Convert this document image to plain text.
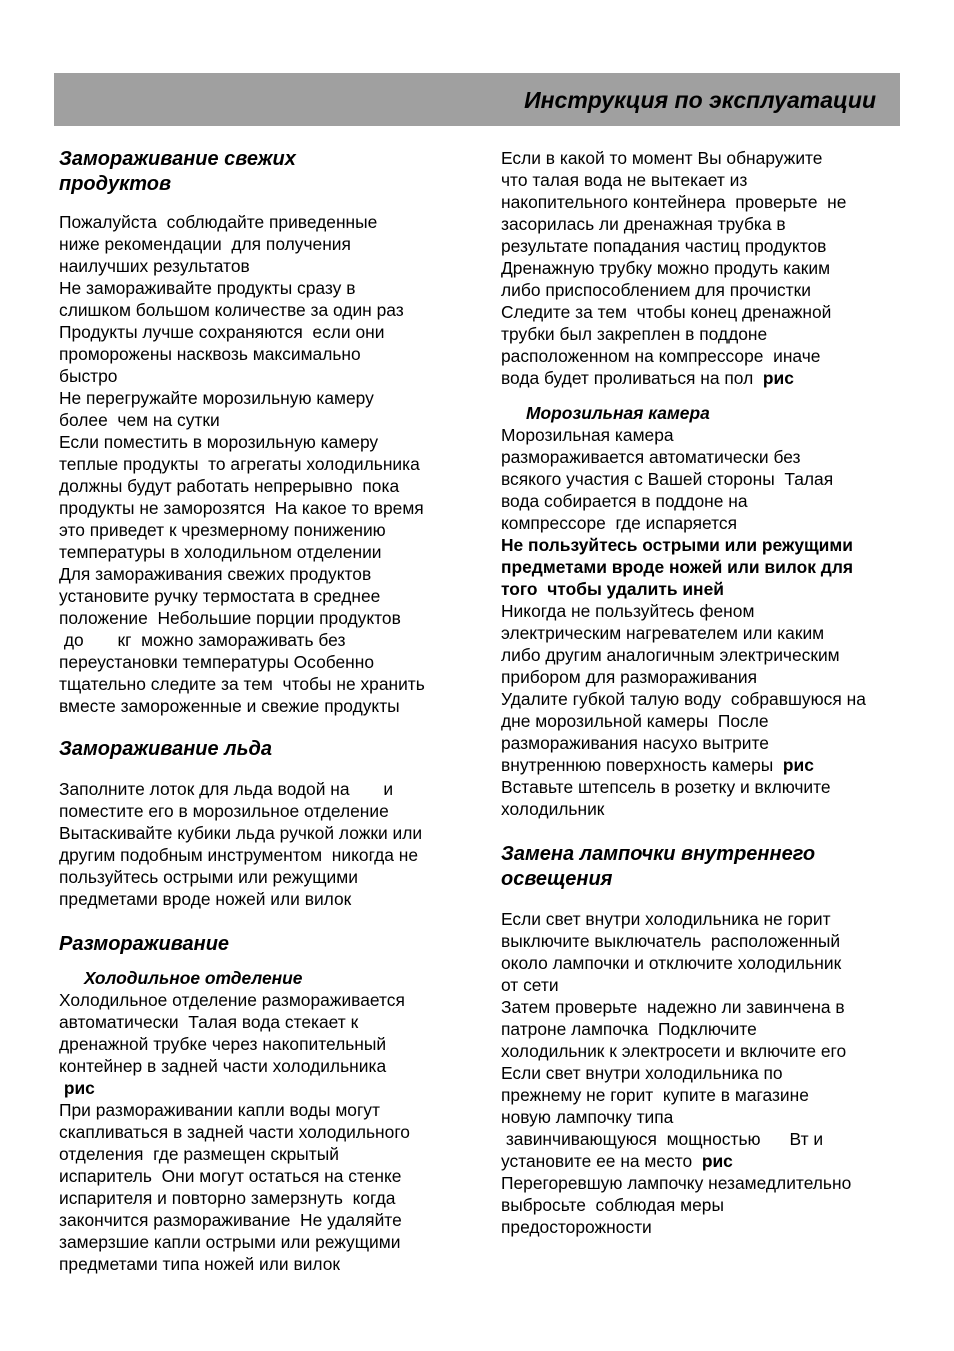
Инструкция по эксплуатации
Замораживание свежих
продуктов
Пожалуйста  соблюдайте приведенные
ниже рекомендации  для получения
наилучших результатов
Не замораживайте продукты сразу в
слишком большом количестве за один раз
Продукты лучше сохраняются  если они
проморожены насквозь максимально
быстро
Не перегружайте морозильную камеру
более  чем на сутки
Если поместить в морозильную камеру
теплые продукты  то агрегаты холодильника
должны будут работать непрерывно  пока
продукты не заморозятся  На какое то время
это приведет к чрезмерному понижению
температуры в холодильном отделении
Для замораживания свежих продуктов
установите ручку термостата в среднее
положение  Небольшие порции продуктов
до       кг  можно замораживать без
переустановки температуры Особенно
тщательно следите за тем  чтобы не хранить
вместе замороженные и свежие продукты
Замораживание льда
Заполните лоток для льда водой на       и
поместите его в морозильное отделение
Вытаскивайте кубики льда ручкой ложки или
другим подобным инструментом  никогда не
пользуйтесь острыми или режущими
предметами вроде ножей или вилок
Размораживание
Холодильное отделение
Холодильное отделение размораживается
автоматически  Талая вода стекает к
дренажной трубке через накопительный
контейнер в задней части холодильника
рис
При размораживании капли воды могут
скапливаться в задней части холодильного
отделения  где размещен скрытый
испаритель  Они могут остаться на стенке
испарителя и повторно замерзнуть  когда
закончится размораживание  Не удаляйте
замерзшие капли острыми или режущими
предметами типа ножей или вилок
Если в какой то момент Вы обнаружите
что талая вода не вытекает из
накопительного контейнера  проверьте  не
засорилась ли дренажная трубка в
результате попадания частиц продуктов
Дренажную трубку можно продуть каким
либо приспособлением для прочистки
Следите за тем  чтобы конец дренажной
трубки был закреплен в поддоне
расположенном на компрессоре  иначе
вода будет проливаться на пол  рис
Морозильная камера
Морозильная камера
размораживается автоматически без
всякого участия с Вашей стороны  Талая
вода собирается в поддоне на
компрессоре  где испаряется
Не пользуйтесь острыми или режущими
предметами вроде ножей или вилок для
того  чтобы удалить иней
Никогда не пользуйтесь феном
электрическим нагревателем или каким
либо другим аналогичным электрическим
прибором для размораживания
Удалите губкой талую воду  собравшуюся на
дне морозильной камеры  После
размораживания насухо вытрите
внутреннюю поверхность камеры  рис
Вставьте штепсель в розетку и включите
холодильник
Замена лампочки внутреннего
освещения
Если свет внутри холодильника не горит
выключите выключатель  расположенный
около лампочки и отключите холодильник
от сети
Затем проверьте  надежно ли завинчена в
патроне лампочка  Подключите
холодильник к электросети и включите его
Если свет внутри холодильника по
прежнему не горит  купите в магазине
новую лампочку типа
завинчивающуюся  мощностью      Вт и
установите ее на место  рис
Перегоревшую лампочку незамедлительно
выбросьте  соблюдая меры
предосторожности
